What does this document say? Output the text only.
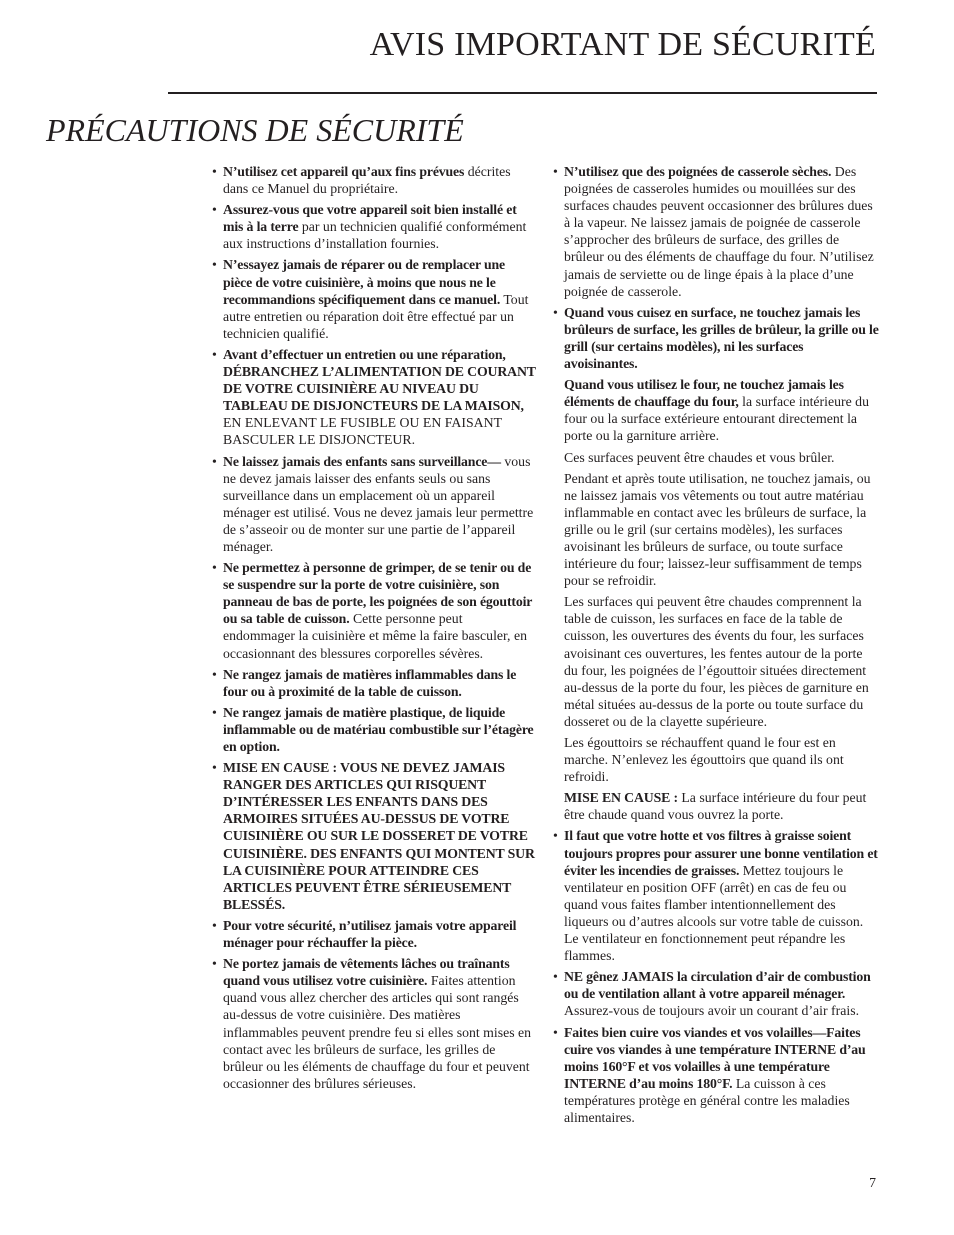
AVIS IMPORTANT DE SÉCURITÉ
PRÉCAUTIONS DE SÉCURITÉ

• N’utilisez cet appareil qu’aux fins prévues décrites dans ce Manuel du propriétaire.

• Assurez-vous que votre appareil soit bien installé et mis à la terre par un technicien qualifié conformément aux instructions d’installation fournies.

• N’essayez jamais de réparer ou de remplacer une pièce de votre cuisinière, à moins que nous ne le recommandions spécifiquement dans ce manuel. Tout autre entretien ou réparation doit être effectué par un technicien qualifié.

• Avant d’effectuer un entretien ou une réparation, DÉBRANCHEZ L’ALIMENTATION DE COURANT DE VOTRE CUISINIÈRE AU NIVEAU DU TABLEAU DE DISJONCTEURS DE LA MAISON, EN ENLEVANT LE FUSIBLE OU EN FAISANT BASCULER LE DISJONCTEUR.

• Ne laissez jamais des enfants sans surveillance— vous ne devez jamais laisser des enfants seuls ou sans surveillance dans un emplacement où un appareil ménager est utilisé. Vous ne devez jamais leur permettre de s’asseoir ou de monter sur une partie de l’appareil ménager.

• Ne permettez à personne de grimper, de se tenir ou de se suspendre sur la porte de votre cuisinière, son panneau de bas de porte, les poignées de son égouttoir ou sa table de cuisson. Cette personne peut endommager la cuisinière et même la faire basculer, en occasionnant des blessures corporelles sévères.

• Ne rangez jamais de matières inflammables dans le four ou à proximité de la table de cuisson.

• Ne rangez jamais de matière plastique, de liquide inflammable ou de matériau combustible sur l’étagère en option.

• MISE EN CAUSE : VOUS NE DEVEZ JAMAIS RANGER DES ARTICLES QUI RISQUENT D’INTÉRESSER LES ENFANTS DANS DES ARMOIRES SITUÉES AU-DESSUS DE VOTRE CUISINIÈRE OU SUR LE DOSSERET DE VOTRE CUISINIÈRE. DES ENFANTS QUI MONTENT SUR LA CUISINIÈRE POUR ATTEINDRE CES ARTICLES PEUVENT ÊTRE SÉRIEUSEMENT BLESSÉS.

• Pour votre sécurité, n’utilisez jamais votre appareil ménager pour réchauffer la pièce.

• Ne portez jamais de vêtements lâches ou traînants quand vous utilisez votre cuisinière. Faites attention quand vous allez chercher des articles qui sont rangés au-dessus de votre cuisinière. Des matières inflammables peuvent prendre feu si elles sont mises en contact avec les brûleurs de surface, les grilles de brûleur ou les éléments de chauffage du four et peuvent occasionner des brûlures sérieuses.

• N’utilisez que des poignées de casserole sèches. Des poignées de casseroles humides ou mouillées sur des surfaces chaudes peuvent occasionner des brûlures dues à la vapeur. Ne laissez jamais de poignée de casserole s’approcher des brûleurs de surface, des grilles de brûleur ou des éléments de chauffage du four. N’utilisez jamais de serviette ou de linge épais à la place d’une poignée de casserole.

• Quand vous cuisez en surface, ne touchez jamais les brûleurs de surface, les grilles de brûleur, la grille ou le grill (sur certains modèles), ni les surfaces avoisinantes.

Quand vous utilisez le four, ne touchez jamais les éléments de chauffage du four, la surface intérieure du four ou la surface extérieure entourant directement la porte ou la garniture arrière.

Ces surfaces peuvent être chaudes et vous brûler.

Pendant et après toute utilisation, ne touchez jamais, ou ne laissez jamais vos vêtements ou tout autre matériau inflammable en contact avec les brûleurs de surface, la grille ou le gril (sur certains modèles), les surfaces avoisinant les brûleurs de surface, ou toute surface intérieure du four; laissez-leur suffisamment de temps pour se refroidir.

Les surfaces qui peuvent être chaudes comprennent la table de cuisson, les surfaces en face de la table de cuisson, les ouvertures des évents du four, les surfaces avoisinant ces ouvertures, les fentes autour de la porte du four, les poignées de l’égouttoir situées directement au-dessus de la porte du four, les pièces de garniture en métal situées au-dessus de la porte ou toute surface du dosseret ou de la clayette supérieure.

Les égouttoirs se réchauffent quand le four est en marche. N’enlevez les égouttoirs que quand ils ont refroidi.

MISE EN CAUSE : La surface intérieure du four peut être chaude quand vous ouvrez la porte.

• Il faut que votre hotte et vos filtres à graisse soient toujours propres pour assurer une bonne ventilation et éviter les incendies de graisses. Mettez toujours le ventilateur en position OFF (arrêt) en cas de feu ou quand vous faites flamber intentionnellement des liqueurs ou d’autres alcools sur votre table de cuisson. Le ventilateur en fonctionnement peut répandre les flammes.

• NE gênez JAMAIS la circulation d’air de combustion ou de ventilation allant à votre appareil ménager. Assurez-vous de toujours avoir un courant d’air frais.

• Faites bien cuire vos viandes et vos volailles—Faites cuire vos viandes à une température INTERNE d’au moins 160°F et vos volailles à une température INTERNE d’au moins 180°F. La cuisson à ces températures protège en général contre les maladies alimentaires.

7
